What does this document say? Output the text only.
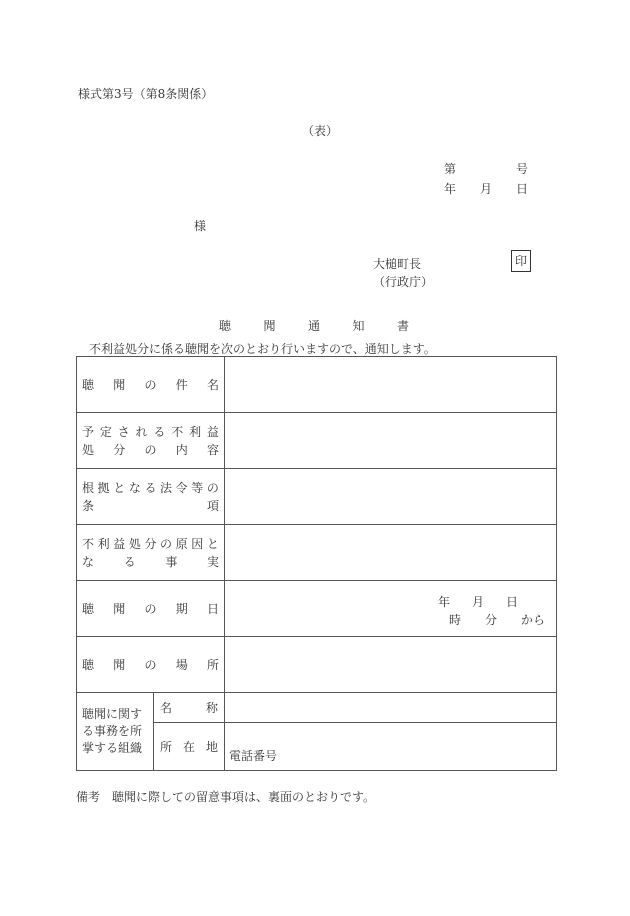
様式第3号（第8条関係）
（表）
第	号
年 月 日
様
大槌町長
（行政庁）
印
聴	聞	通	知	書
不利益処分に係る聴聞を次のとおり行いますので、通知します。
聴 聞 の 件 名		

予 定 さ れ る 不 利 益
処 分 の 内 容

根 拠 と な る 法 令 等 の
条	項

不 利 益 処 分 の 原 因 と
な る 事 実

聴 聞 の 期 日	年 月 日
時 分 から

聴 聞 の 場 所		

聴聞に関す
る事務を所
掌する組織

名	称

	所 在 地	電話番号
備考　聴聞に際しての留意事項は、裏面のとおりです。
